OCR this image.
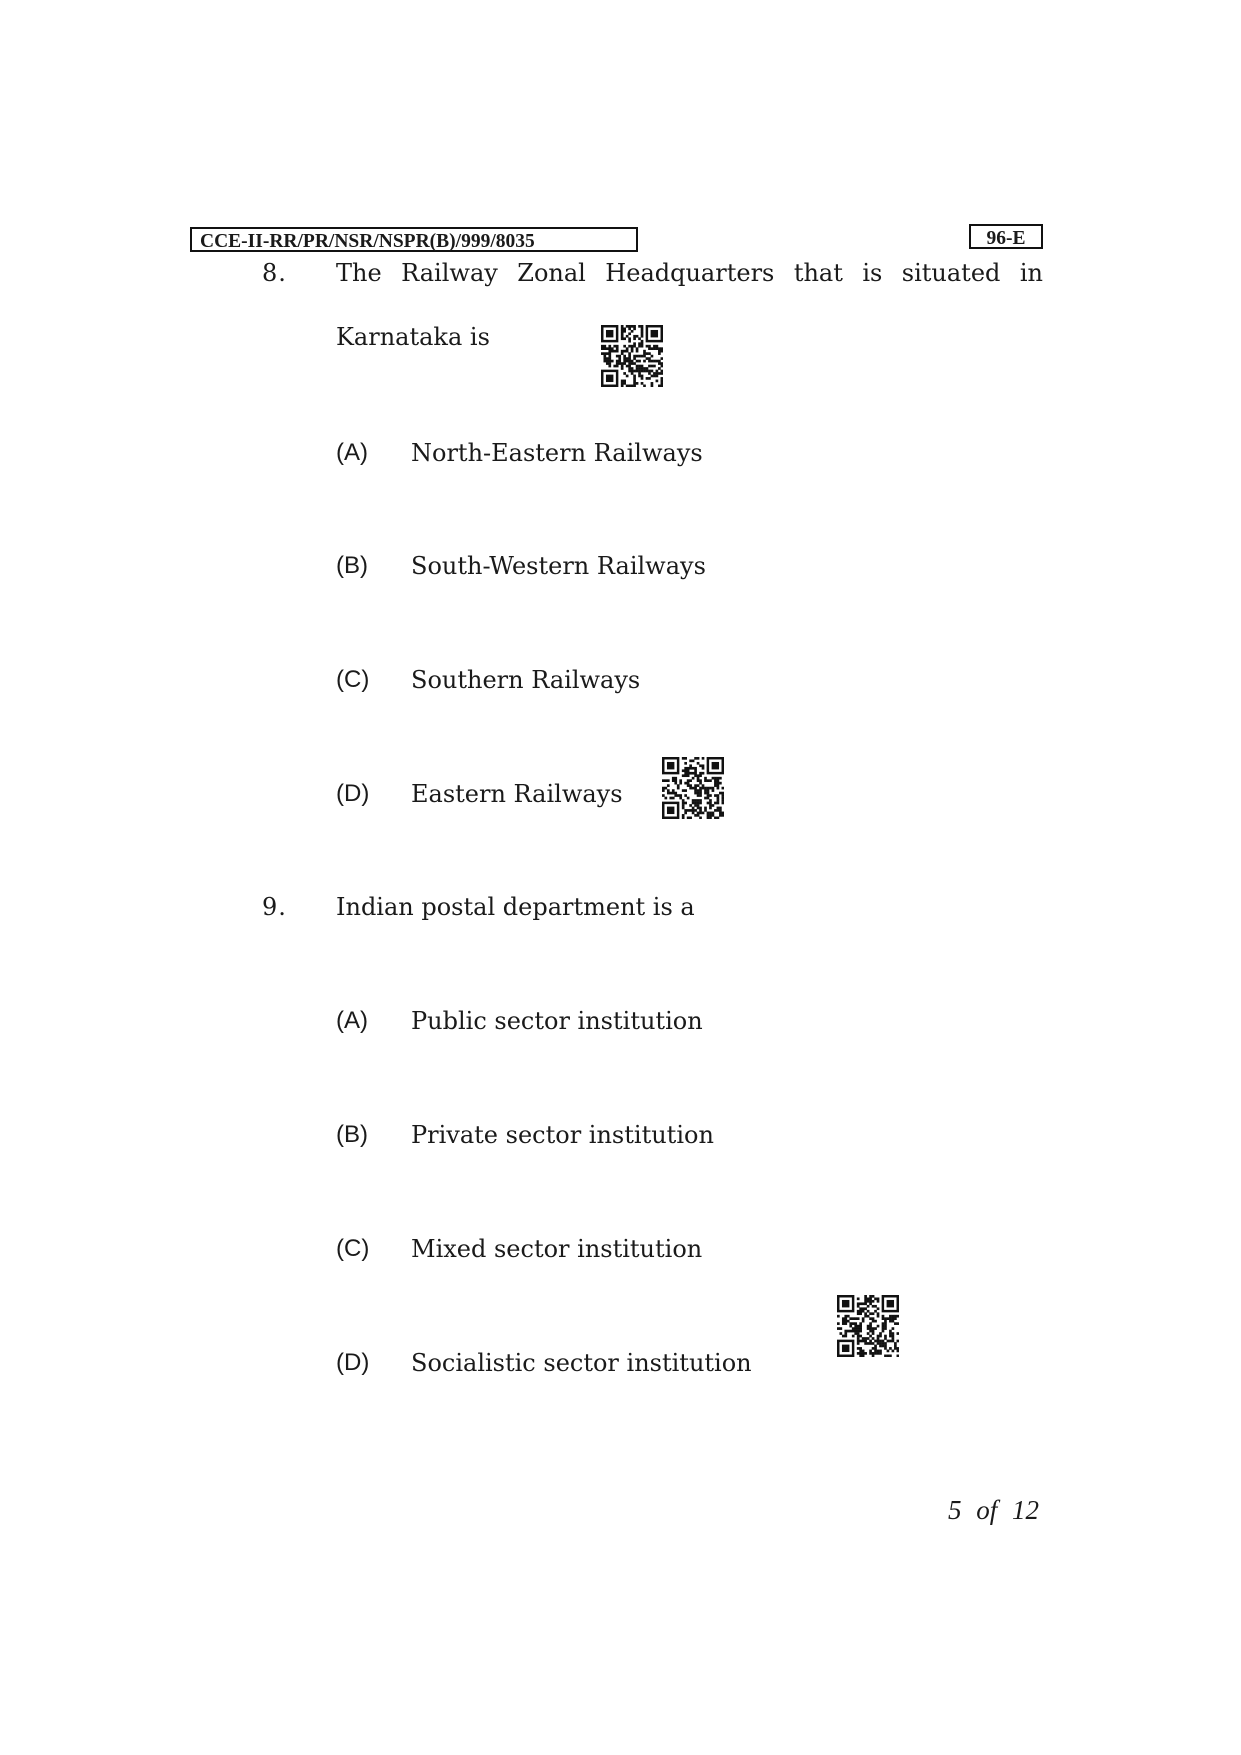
CCE-II-RR/PR/NSR/NSPR(B)/999/8035	96-E
8. The Railway Zonal Headquarters that is situated in
Karnataka is
(A) North-Eastern Railways
(B) South-Western Railways
(C) Southern Railways
(D) Eastern Railways
9. Indian postal department is a
(A) Public sector institution
(B) Private sector institution
(C) Mixed sector institution
(D) Socialistic sector institution
5 of 12
